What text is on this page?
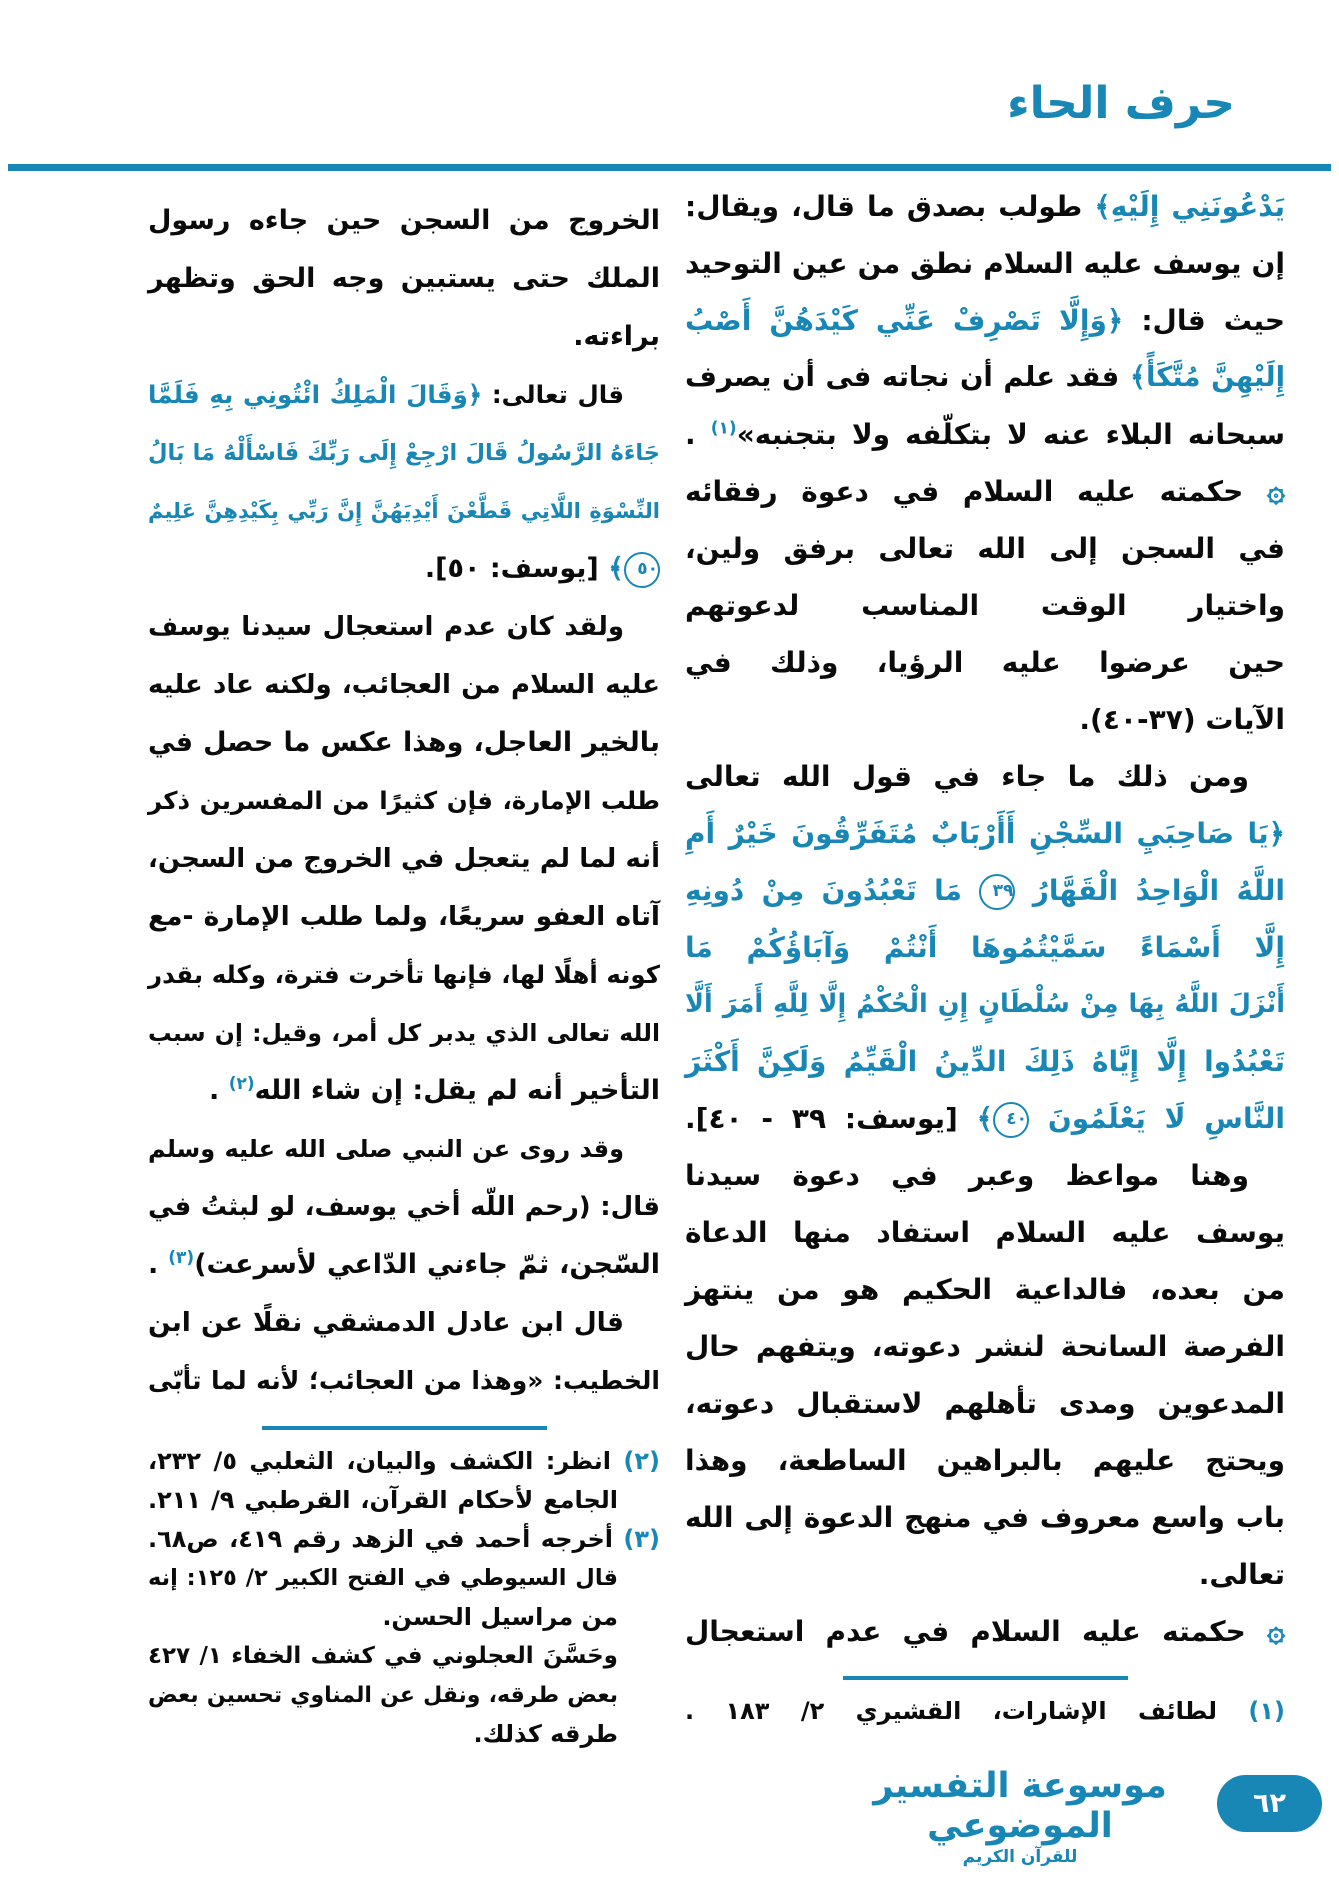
حرف الحاء

يَدْعُونَنِي إِلَيْهِ﴾ طولب بصدق ما قال، ويقال:

إن يوسف عليه السلام نطق من عين التوحيد

حيث قال: ﴿وَإِلَّا تَصْرِفْ عَنِّي كَيْدَهُنَّ أَصْبُ

إِلَيْهِنَّ مُتَّكَأً﴾ فقد علم أن نجاته فى أن يصرف

سبحانه البلاء عنه لا بتكلّفه ولا بتجنبه»$^{(١)}$ .

۞ حكمته عليه السلام في دعوة رفقائه

في السجن إلى الله تعالى برفق ولين،

واختيار الوقت المناسب لدعوتهم

حين عرضوا عليه الرؤيا، وذلك في

الآيات (٣٧-٤٠).

ومن ذلك ما جاء في قول الله تعالى

﴿يَا صَاحِبَيِ السِّجْنِ أَأَرْبَابٌ مُتَفَرِّقُونَ خَيْرٌ أَمِ

اللَّهُ الْوَاحِدُ الْقَهَّارُ ٣٩ مَا تَعْبُدُونَ مِنْ دُونِهِ

إِلَّا أَسْمَاءً سَمَّيْتُمُوهَا أَنْتُمْ وَآبَاؤُكُمْ مَا

أَنْزَلَ اللَّهُ بِهَا مِنْ سُلْطَانٍ إِنِ الْحُكْمُ إِلَّا لِلَّهِ أَمَرَ أَلَّا

تَعْبُدُوا إِلَّا إِيَّاهُ ذَلِكَ الدِّينُ الْقَيِّمُ وَلَكِنَّ أَكْثَرَ

النَّاسِ لَا يَعْلَمُونَ ٤٠﴾ [يوسف: ٣٩ - ٤٠].

وهنا مواعظ وعبر في دعوة سيدنا

يوسف عليه السلام استفاد منها الدعاة

من بعده، فالداعية الحكيم هو من ينتهز

الفرصة السانحة لنشر دعوته، ويتفهم حال

المدعوين ومدى تأهلهم لاستقبال دعوته،

ويحتج عليهم بالبراهين الساطعة، وهذا

باب واسع معروف في منهج الدعوة إلى الله

تعالى.

۞ حكمته عليه السلام في عدم استعجال

(١) لطائف الإشارات، القشيري ٢/ ١٨٣ .

الخروج من السجن حين جاءه رسول

الملك حتى يستبين وجه الحق وتظهر

براءته.

قال تعالى: ﴿وَقَالَ الْمَلِكُ ائْتُونِي بِهِ فَلَمَّا

جَاءَهُ الرَّسُولُ قَالَ ارْجِعْ إِلَى رَبِّكَ فَاسْأَلْهُ مَا بَالُ

النِّسْوَةِ اللَّاتِي قَطَّعْنَ أَيْدِيَهُنَّ إِنَّ رَبِّي بِكَيْدِهِنَّ عَلِيمٌ

٥٠﴾ [يوسف: ٥٠].

ولقد كان عدم استعجال سيدنا يوسف

عليه السلام من العجائب، ولكنه عاد عليه

بالخير العاجل، وهذا عكس ما حصل في

طلب الإمارة، فإن كثيرًا من المفسرين ذكر

أنه لما لم يتعجل في الخروج من السجن،

آتاه العفو سريعًا، ولما طلب الإمارة -مع

كونه أهلًا لها، فإنها تأخرت فترة، وكله بقدر

الله تعالى الذي يدبر كل أمر، وقيل: إن سبب

التأخير أنه لم يقل: إن شاء الله$^{(٢)}$ .

وقد روى عن النبي صلى الله عليه وسلم

قال: (رحم اللّه أخي يوسف، لو لبثتُ في

السّجن، ثمّ جاءني الدّاعي لأسرعت)$^{(٣)}$ .

قال ابن عادل الدمشقي نقلًا عن ابن

الخطيب: «وهذا من العجائب؛ لأنه لما تأبّى

(٢) انظر: الكشف والبيان، الثعلبي ٥/ ٢٣٢،

الجامع لأحكام القرآن، القرطبي ٩/ ٢١١.

(٣) أخرجه أحمد في الزهد رقم ٤١٩، ص٦٨.

قال السيوطي في الفتح الكبير ٢/ ١٢٥: إنه

من مراسيل الحسن.

وحَسَّنَ العجلوني في كشف الخفاء ١/ ٤٢٧

بعض طرقه، ونقل عن المناوي تحسين بعض

طرقه كذلك.

موسوعة التفسير الموضوعي
للقرآن الكريم
٦٢
